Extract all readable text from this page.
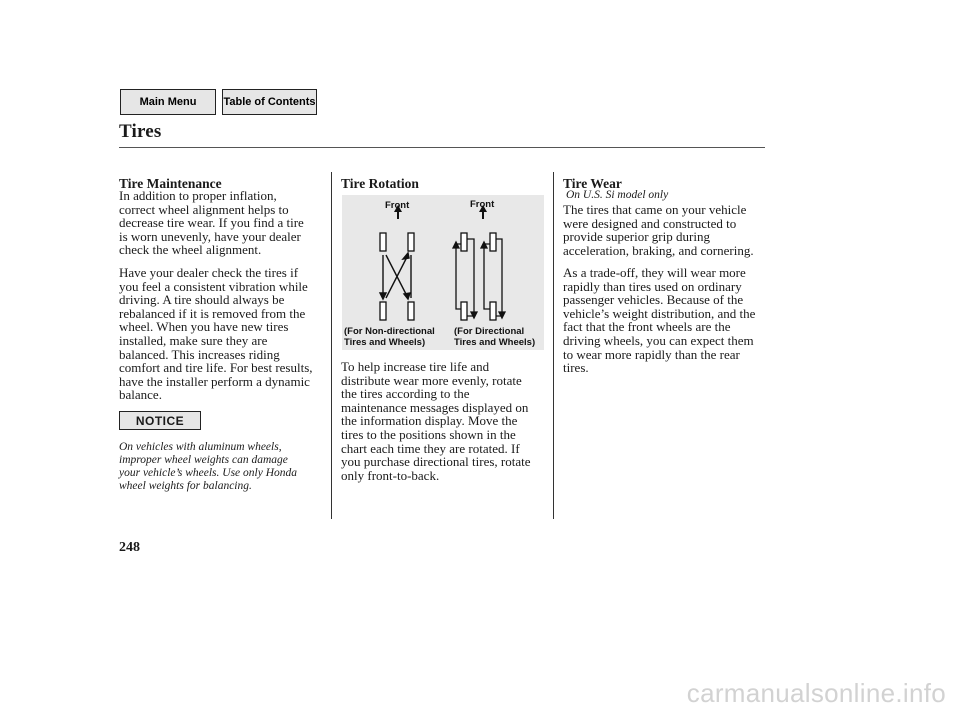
Main Menu	Table of Contents
Tires
Tire Maintenance
In addition to proper inflation,
correct wheel alignment helps to
decrease tire wear. If you find a tire
is worn unevenly, have your dealer
check the wheel alignment.
Have your dealer check the tires if
you feel a consistent vibration while
driving. A tire should always be
rebalanced if it is removed from the
wheel. When you have new tires
installed, make sure they are
balanced. This increases riding
comfort and tire life. For best results,
have the installer perform a dynamic
balance.
NOTICE
On vehicles with aluminum wheels,
improper wheel weights can damage
your vehicle’s wheels. Use only Honda
wheel weights for balancing.
Tire Rotation
Front	Front
(For Non-directional
Tires and Wheels)
(For Directional
Tires and Wheels)
To help increase tire life and
distribute wear more evenly, rotate
the tires according to the
maintenance messages displayed on
the information display. Move the
tires to the positions shown in the
chart each time they are rotated. If
you purchase directional tires, rotate
only front-to-back.
Tire Wear
On U.S. Si model only
The tires that came on your vehicle
were designed and constructed to
provide superior grip during
acceleration, braking, and cornering.
As a trade-off, they will wear more
rapidly than tires used on ordinary
passenger vehicles. Because of the
vehicle’s weight distribution, and the
fact that the front wheels are the
driving wheels, you can expect them
to wear more rapidly than the rear
tires.
248
carmanualsonline.info
